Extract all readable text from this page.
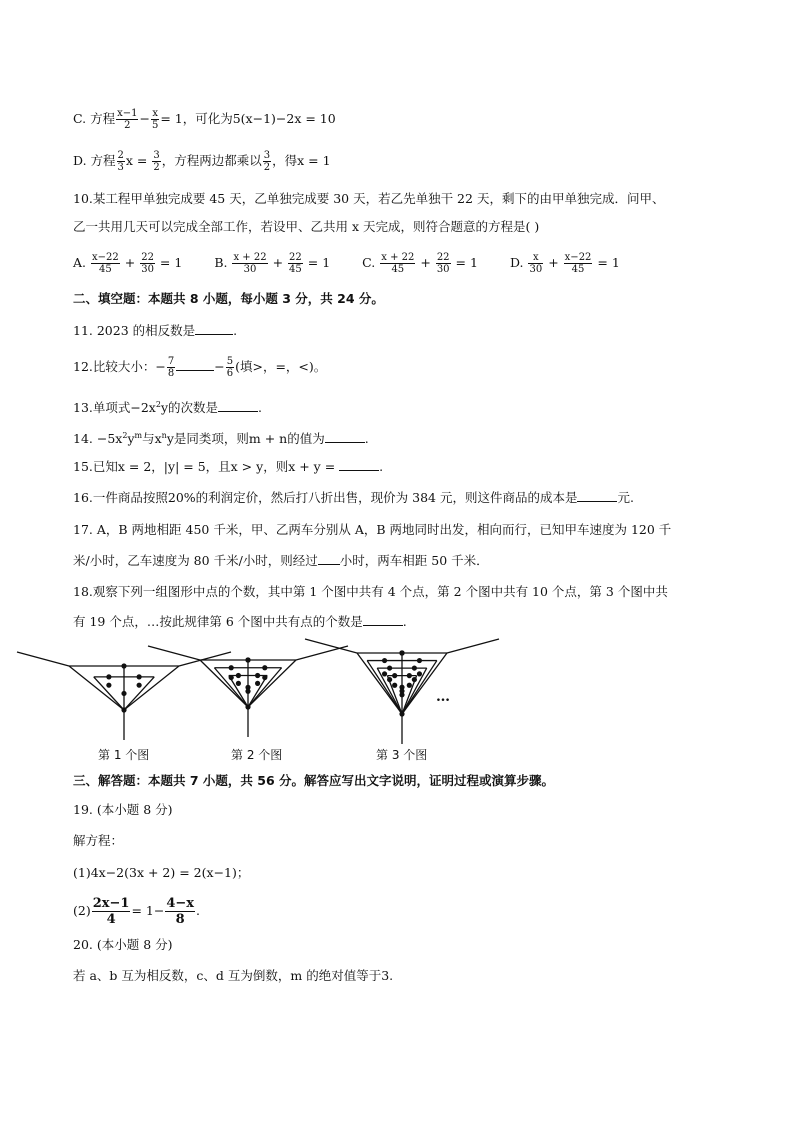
C. 方程 $\frac{x-1}{2} - \frac{x}{5} = 1$，可化为5(x−1)−2x = 10
D. 方程 $\frac{2}{3}$ $x = \frac{3}{2}$ ，方程两边都乘以 $\frac{3}{2}$ ，得x = 1
10.某工程甲单独完成要 45 天，乙单独完成要 30 天，若乙先单独干 22 天，剩下的由甲单独完成．问甲、
乙一共用几天可以完成全部工作，若设甲、乙共用 x 天完成，则符合题意的方程是( )
A. $\frac{x-22}{45} + \frac{22}{30} = 1$	B. $\frac{x + 22}{30} + \frac{22}{45} = 1$	C. $\frac{x + 22}{45} + \frac{22}{30} = 1$	D. $\frac{x}{30} + \frac{x-22}{45} = 1$
二、填空题：本题共 8 小题，每小题 3 分，共 24 分。
11. 2023 的相反数是	.
12.比较大小：− $\frac{7}{8}$	− $\frac{5}{6}$ (填>，=，<)。
13.单项式$-2x^2y$的次数是	.
14. $-5x^2y^m$与$x^ny$是同类项，则m + n的值为	.
15.已知x = 2，|y| = 5，且x > y，则x + y =	.
16.一件商品按照20%的利润定价，然后打八折出售，现价为 384 元，则这件商品的成本是	元.
17. A，B 两地相距 450 千米，甲、乙两车分别从 A，B 两地同时出发，相向而行，已知甲车速度为 120 千
米/小时，乙车速度为 80 千米/小时，则经过 小时，两车相距 50 千米．
18.观察下列一组图形中点的个数，其中第 1 个图中共有 4 个点，第 2 个图中共有 10 个点，第 3 个图中共
有 19 个点，…按此规律第 6 个图中共有点的个数是	.
第 1 个图	第 2 个图	第 3 个图
…
三、解答题：本题共 7 小题，共 56 分。解答应写出文字说明，证明过程或演算步骤。
19. (本小题 8 分)
解方程：
(1)4x−2(3x + 2) = 2(x−1)；
$(2) \frac{2x-1}{4} = 1- \frac{4-x}{8}$ .
20. (本小题 8 分)
若 a、b 互为相反数，c、d 互为倒数，m 的绝对值等于3.
